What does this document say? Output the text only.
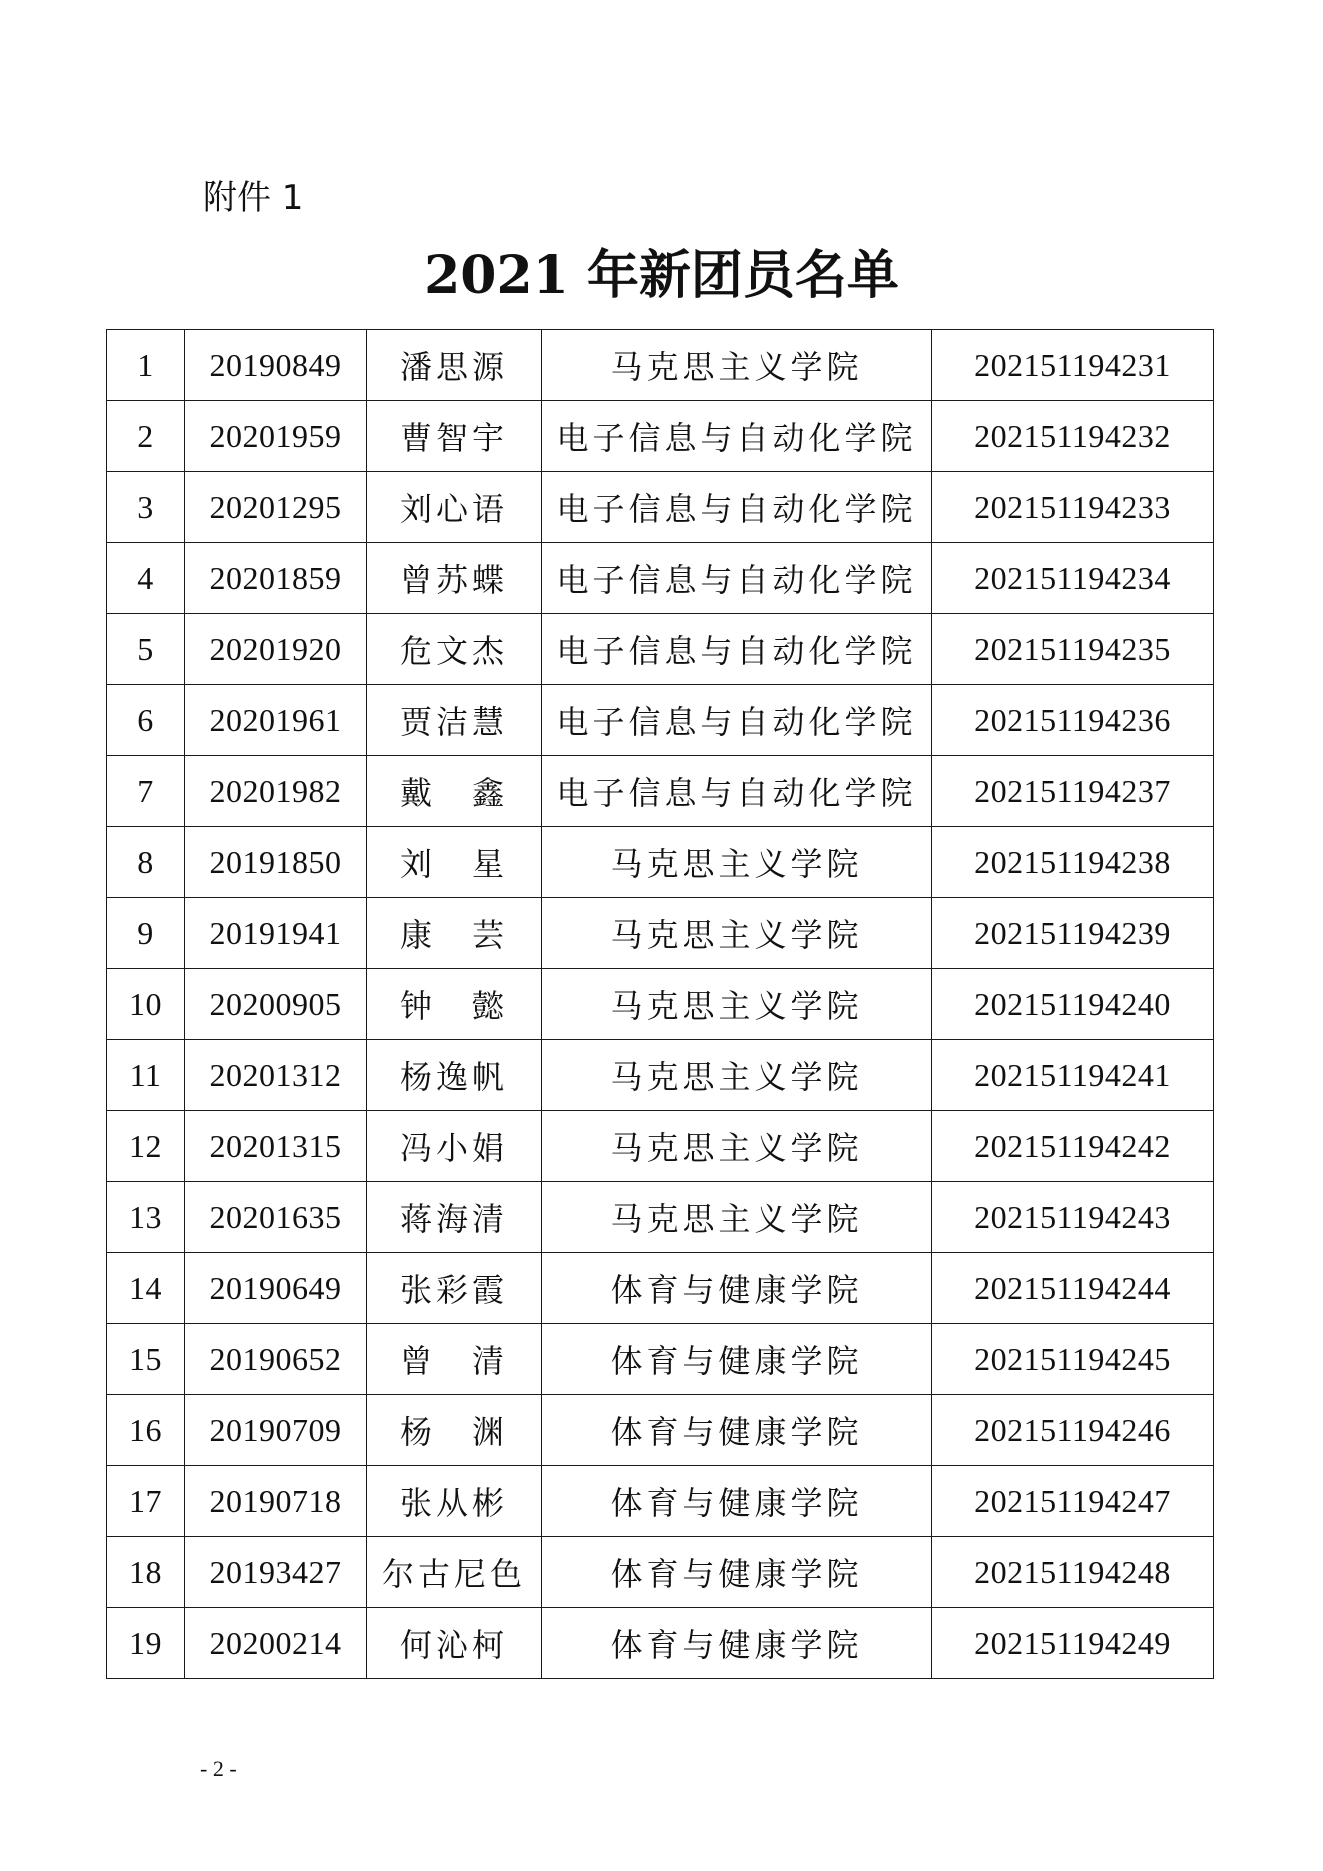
附件 1
2021 年新团员名单
1	20190849	潘思源	马克思主义学院	202151194231
2	20201959	曹智宇	电子信息与自动化学院	202151194232
3	20201295	刘心语	电子信息与自动化学院	202151194233
4	20201859	曾苏蝶	电子信息与自动化学院	202151194234
5	20201920	危文杰	电子信息与自动化学院	202151194235
6	20201961	贾洁慧	电子信息与自动化学院	202151194236
7	20201982	戴　鑫	电子信息与自动化学院	202151194237
8	20191850	刘　星	马克思主义学院	202151194238
9	20191941	康　芸	马克思主义学院	202151194239
10	20200905	钟　懿	马克思主义学院	202151194240
11	20201312	杨逸帆	马克思主义学院	202151194241
12	20201315	冯小娟	马克思主义学院	202151194242
13	20201635	蒋海清	马克思主义学院	202151194243
14	20190649	张彩霞	体育与健康学院	202151194244
15	20190652	曾　清	体育与健康学院	202151194245
16	20190709	杨　渊	体育与健康学院	202151194246
17	20190718	张从彬	体育与健康学院	202151194247
18	20193427	尔古尼色	体育与健康学院	202151194248
19	20200214	何沁柯	体育与健康学院	202151194249
- 2 -
